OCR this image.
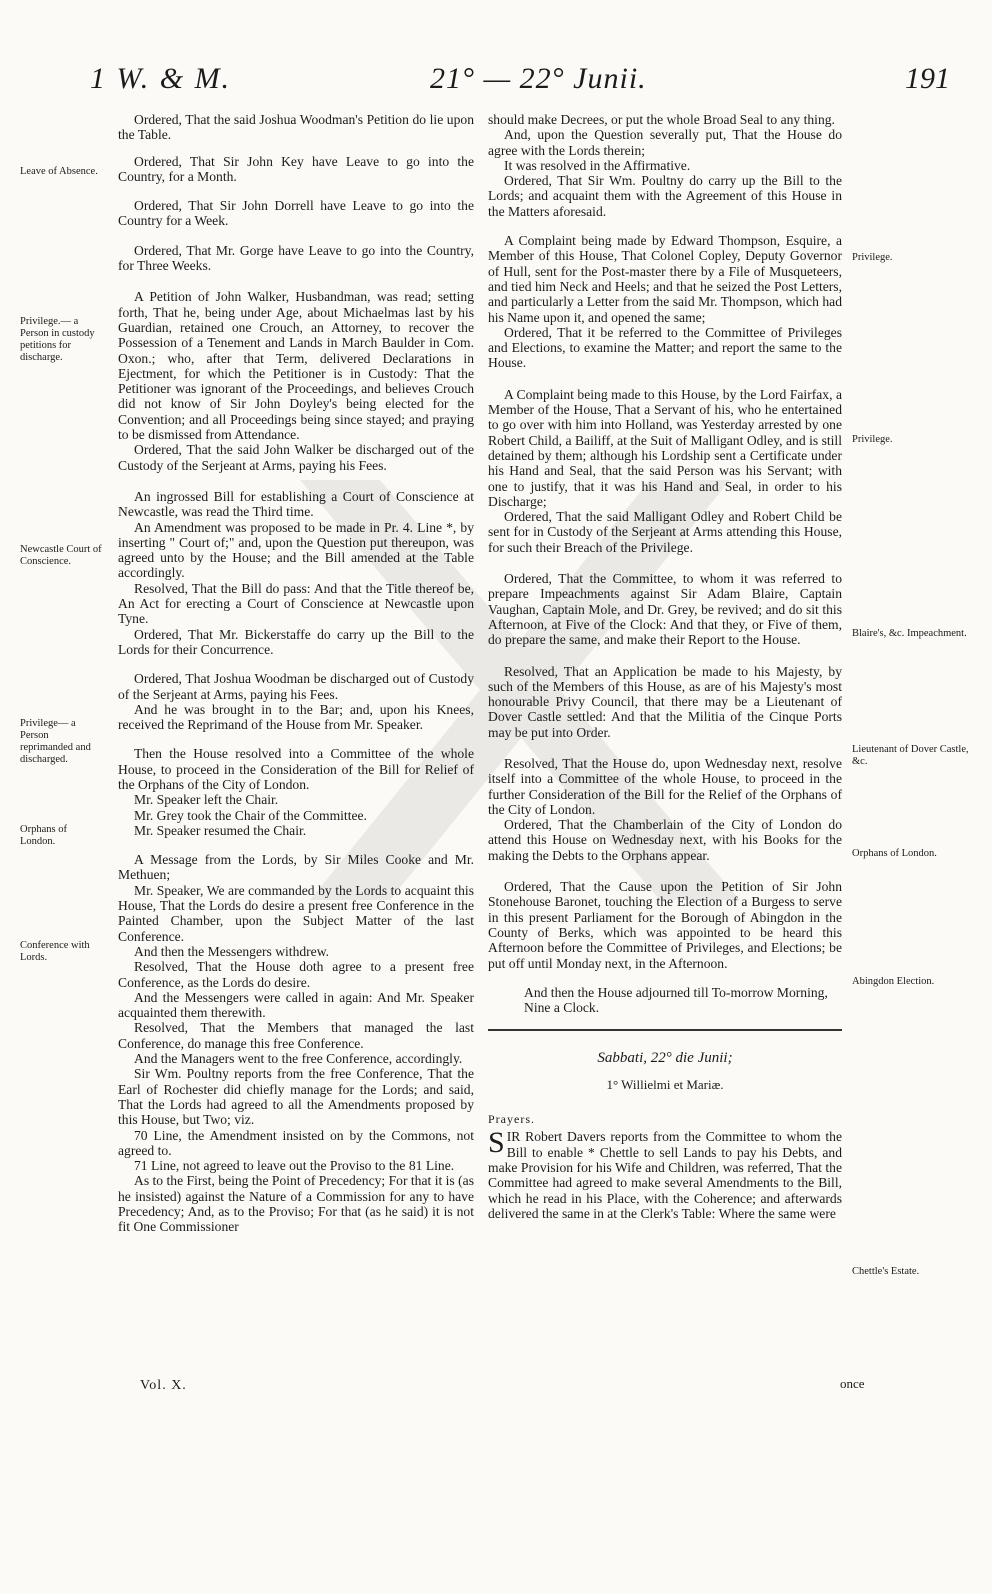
1 W. & M.	21° — 22° Junii.	191
Leave of Absence.
Privilege.— a Person in custody petitions for discharge.
Newcastle Court of Conscience.
Privilege— a Person reprimanded and discharged.
Orphans of London.
Conference with Lords.
Privilege.
Privilege.
Blaire's, &c. Impeachment.
Lieutenant of Dover Castle, &c.
Orphans of London.
Abingdon Election.
Chettle's Estate.

Ordered, That the said Joshua Woodman's Petition do lie upon the Table.

Ordered, That Sir John Key have Leave to go into the Country, for a Month.

Ordered, That Sir John Dorrell have Leave to go into the Country for a Week.

Ordered, That Mr. Gorge have Leave to go into the Country, for Three Weeks.

A Petition of John Walker, Husbandman, was read; setting forth, That he, being under Age, about Michaelmas last by his Guardian, retained one Crouch, an Attorney, to recover the Possession of a Tenement and Lands in March Baulder in Com. Oxon.; who, after that Term, delivered Declarations in Ejectment, for which the Petitioner is in Custody: That the Petitioner was ignorant of the Proceedings, and believes Crouch did not know of Sir John Doyley's being elected for the Convention; and all Proceedings being since stayed; and praying to be dismissed from Attendance.

Ordered, That the said John Walker be discharged out of the Custody of the Serjeant at Arms, paying his Fees.

An ingrossed Bill for establishing a Court of Conscience at Newcastle, was read the Third time.

An Amendment was proposed to be made in Pr. 4. Line *, by inserting " Court of;" and, upon the Question put thereupon, was agreed unto by the House; and the Bill amended at the Table accordingly.

Resolved, That the Bill do pass: And that the Title thereof be, An Act for erecting a Court of Conscience at Newcastle upon Tyne.

Ordered, That Mr. Bickerstaffe do carry up the Bill to the Lords for their Concurrence.

Ordered, That Joshua Woodman be discharged out of Custody of the Serjeant at Arms, paying his Fees.

And he was brought in to the Bar; and, upon his Knees, received the Reprimand of the House from Mr. Speaker.

Then the House resolved into a Committee of the whole House, to proceed in the Consideration of the Bill for Relief of the Orphans of the City of London.

Mr. Speaker left the Chair.

Mr. Grey took the Chair of the Committee.

Mr. Speaker resumed the Chair.

A Message from the Lords, by Sir Miles Cooke and Mr. Methuen;

Mr. Speaker, We are commanded by the Lords to acquaint this House, That the Lords do desire a present free Conference in the Painted Chamber, upon the Subject Matter of the last Conference.

And then the Messengers withdrew.

Resolved, That the House doth agree to a present free Conference, as the Lords do desire.

And the Messengers were called in again: And Mr. Speaker acquainted them therewith.

Resolved, That the Members that managed the last Conference, do manage this free Conference.

And the Managers went to the free Conference, accordingly.

Sir Wm. Poultny reports from the free Conference, That the Earl of Rochester did chiefly manage for the Lords; and said, That the Lords had agreed to all the Amendments proposed by this House, but Two; viz.

70 Line, the Amendment insisted on by the Commons, not agreed to.

71 Line, not agreed to leave out the Proviso to the 81 Line.

As to the First, being the Point of Precedency; For that it is (as he insisted) against the Nature of a Commission for any to have Precedency; And, as to the Proviso; For that (as he said) it is not fit One Commissioner

should make Decrees, or put the whole Broad Seal to any thing.

And, upon the Question severally put, That the House do agree with the Lords therein;

It was resolved in the Affirmative.

Ordered, That Sir Wm. Poultny do carry up the Bill to the Lords; and acquaint them with the Agreement of this House in the Matters aforesaid.

A Complaint being made by Edward Thompson, Esquire, a Member of this House, That Colonel Copley, Deputy Governor of Hull, sent for the Post-master there by a File of Musqueteers, and tied him Neck and Heels; and that he seized the Post Letters, and particularly a Letter from the said Mr. Thompson, which had his Name upon it, and opened the same;

Ordered, That it be referred to the Committee of Privileges and Elections, to examine the Matter; and report the same to the House.

A Complaint being made to this House, by the Lord Fairfax, a Member of the House, That a Servant of his, who he entertained to go over with him into Holland, was Yesterday arrested by one Robert Child, a Bailiff, at the Suit of Malligant Odley, and is still detained by them; although his Lordship sent a Certificate under his Hand and Seal, that the said Person was his Servant; with one to justify, that it was his Hand and Seal, in order to his Discharge;

Ordered, That the said Malligant Odley and Robert Child be sent for in Custody of the Serjeant at Arms attending this House, for such their Breach of the Privilege.

Ordered, That the Committee, to whom it was referred to prepare Impeachments against Sir Adam Blaire, Captain Vaughan, Captain Mole, and Dr. Grey, be revived; and do sit this Afternoon, at Five of the Clock: And that they, or Five of them, do prepare the same, and make their Report to the House.

Resolved, That an Application be made to his Majesty, by such of the Members of this House, as are of his Majesty's most honourable Privy Council, that there may be a Lieutenant of Dover Castle settled: And that the Militia of the Cinque Ports may be put into Order.

Resolved, That the House do, upon Wednesday next, resolve itself into a Committee of the whole House, to proceed in the further Consideration of the Bill for the Relief of the Orphans of the City of London.

Ordered, That the Chamberlain of the City of London do attend this House on Wednesday next, with his Books for the making the Debts to the Orphans appear.

Ordered, That the Cause upon the Petition of Sir John Stonehouse Baronet, touching the Election of a Burgess to serve in this present Parliament for the Borough of Abingdon in the County of Berks, which was appointed to be heard this Afternoon before the Committee of Privileges, and Elections; be put off until Monday next, in the Afternoon.

And then the House adjourned till To-morrow Morning, Nine a Clock.

Sabbati, 22° die Junii;
1° Willielmi et Mariæ.
Prayers.
S IR Robert Davers reports from the Committee to whom the Bill to enable * Chettle to sell Lands to pay his Debts, and make Provision for his Wife and Children, was referred, That the Committee had agreed to make several Amendments to the Bill, which he read in his Place, with the Coherence; and afterwards delivered the same in at the Clerk's Table: Where the same were

Vol. X.	once
